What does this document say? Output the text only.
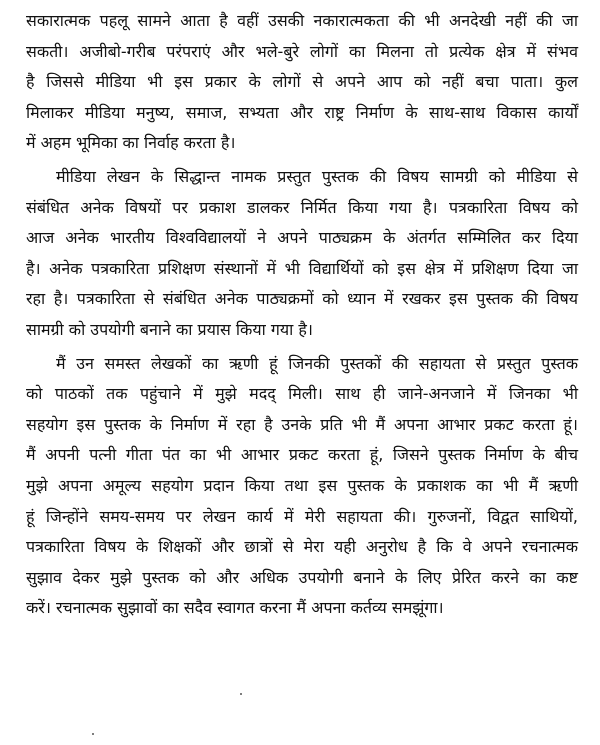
सकारात्मक पहलू सामने आता है वहीं उसकी नकारात्मकता की भी अनदेखी नहीं की जा
सकती। अजीबो-गरीब परंपराएं और भले-बुरे लोगों का मिलना तो प्रत्येक क्षेत्र में संभव
है जिससे मीडिया भी इस प्रकार के लोगों से अपने आप को नहीं बचा पाता। कुल
मिलाकर मीडिया मनुष्य, समाज, सभ्यता और राष्ट्र निर्माण के साथ-साथ विकास कार्यों
में अहम भूमिका का निर्वाह करता है।
मीडिया लेखन के सिद्धान्त नामक प्रस्तुत पुस्तक की विषय सामग्री को मीडिया से
संबंधित अनेक विषयों पर प्रकाश डालकर निर्मित किया गया है। पत्रकारिता विषय को
आज अनेक भारतीय विश्वविद्यालयों ने अपने पाठ्यक्रम के अंतर्गत सम्मिलित कर दिया
है। अनेक पत्रकारिता प्रशिक्षण संस्थानों में भी विद्यार्थियों को इस क्षेत्र में प्रशिक्षण दिया जा
रहा है। पत्रकारिता से संबंधित अनेक पाठ्यक्रमों को ध्यान में रखकर इस पुस्तक की विषय
सामग्री को उपयोगी बनाने का प्रयास किया गया है।
मैं उन समस्त लेखकों का ऋणी हूं जिनकी पुस्तकों की सहायता से प्रस्तुत पुस्तक
को पाठकों तक पहुंचाने में मुझे मदद् मिली। साथ ही जाने-अनजाने में जिनका भी
सहयोग इस पुस्तक के निर्माण में रहा है उनके प्रति भी मैं अपना आभार प्रकट करता हूं।
मैं अपनी पत्नी गीता पंत का भी आभार प्रकट करता हूं, जिसने पुस्तक निर्माण के बीच
मुझे अपना अमूल्य सहयोग प्रदान किया तथा इस पुस्तक के प्रकाशक का भी मैं ऋणी
हूं जिन्होंने समय-समय पर लेखन कार्य में मेरी सहायता की। गुरुजनों, विद्वत साथियों,
पत्रकारिता विषय के शिक्षकों और छात्रों से मेरा यही अनुरोध है कि वे अपने रचनात्मक
सुझाव देकर मुझे पुस्तक को और अधिक उपयोगी बनाने के लिए प्रेरित करने का कष्ट
करें। रचनात्मक सुझावों का सदैव स्वागत करना मैं अपना कर्तव्य समझूंगा।
